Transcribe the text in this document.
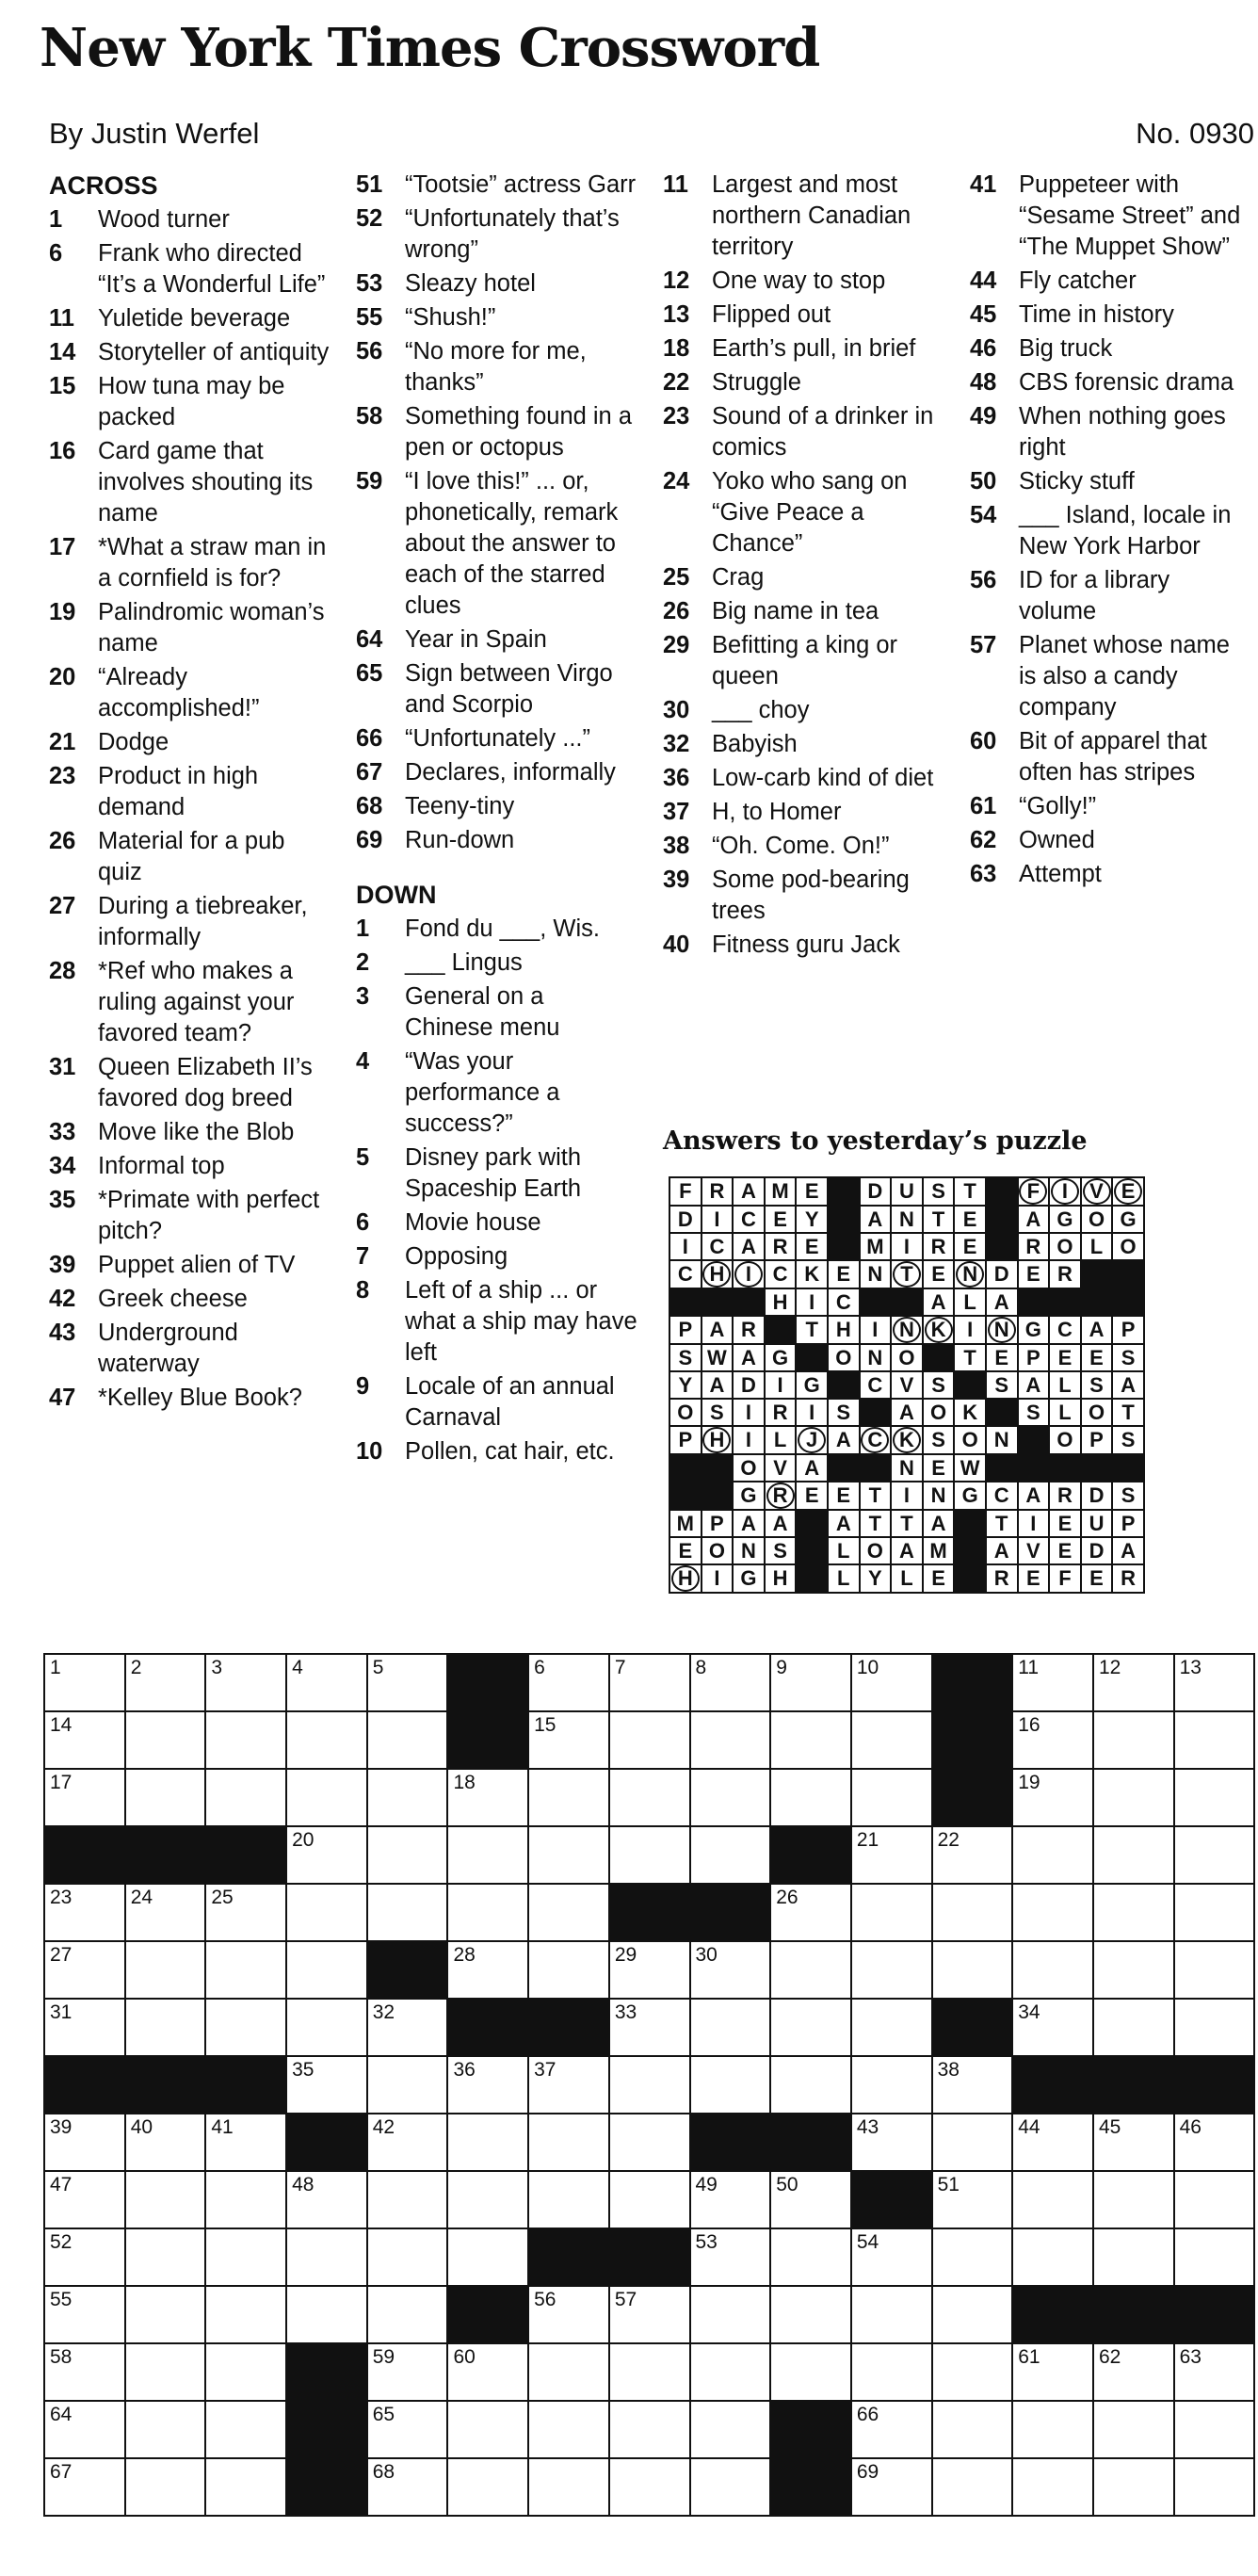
New York Times Crossword
By Justin Werfel	No. 0930
ACROSS
1	Wood turner
6	Frank who directed “It’s a Wonderful Life”
11 Yuletide beverage
14 Storyteller of antiquity
15 How tuna may be packed
16 Card game that involves shouting its name
17 *What a straw man in a cornfield is for?
19 Palindromic woman’s name
20 “Already accomplished!”
21 Dodge
23 Product in high demand
26 Material for a pub quiz
27 During a tiebreaker, informally
28 *Ref who makes a ruling against your favored team?
31 Queen Elizabeth II’s favored dog breed
33 Move like the Blob
34 Informal top
35 *Primate with perfect pitch?
39 Puppet alien of TV
42 Greek cheese
43 Underground waterway
47 *Kelley Blue Book?
51 “Tootsie” actress Garr
52 “Unfortunately that’s wrong”
53 Sleazy hotel
55 “Shush!”
56 “No more for me, thanks”
58 Something found in a pen or octopus
59 “I love this!” ... or, phonetically, remark about the answer to each of the starred clues
64 Year in Spain
65 Sign between Virgo and Scorpio
66 “Unfortunately ...”
67 Declares, informally
68 Teeny-tiny
69 Run-down
DOWN
1	Fond du ___, Wis.
2	___ Lingus
3	General on a Chinese menu
4	“Was your performance a success?”
5	Disney park with Spaceship Earth
6	Movie house
7	Opposing
8	Left of a ship ... or what a ship may have left
9	Locale of an annual Carnaval
10 Pollen, cat hair, etc.
11 Largest and most northern Canadian territory
12 One way to stop
13 Flipped out
18 Earth’s pull, in brief
22 Struggle
23 Sound of a drinker in comics
24 Yoko who sang on “Give Peace a Chance”
25 Crag
26 Big name in tea
29 Befitting a king or queen
30 ___ choy
32 Babyish
36 Low-carb kind of diet
37 H, to Homer
38 “Oh. Come. On!”
39 Some pod-bearing trees
40 Fitness guru Jack
41 Puppeteer with “Sesame Street” and “The Muppet Show”
44 Fly catcher
45 Time in history
46 Big truck
48 CBS forensic drama
49 When nothing goes right
50 Sticky stuff
54 ___ Island, locale in New York Harbor
56 ID for a library volume
57 Planet whose name is also a candy company
60 Bit of apparel that often has stripes
61 “Golly!”
62 Owned
63 Attempt
Answers to yesterday’s puzzle
F	R	A	M	E		D	U	S	T		F	I	V	E
D	I	C	E	Y		A	N	T	E		A	G	O	G
I	C	A	R	E		M	I	R	E		R	O	L	O
C	H	I	C	K	E	N	T	E	N	D	E	R		
			H	I	C			A	L	A				
P	A	R		T	H	I	N	K	I	N	G	C	A	P
S	W	A	G		O	N	O		T	E	P	E	E	S
Y	A	D	I	G		C	V	S		S	A	L	S	A
O	S	I	R	I	S		A	O	K		S	L	O	T
P	H	I	L	J	A	C	K	S	O	N		O	P	S
		O	V	A			N	E	W					
		G	R	E	E	T	I	N	G	C	A	R	D	S
M	P	A	A		A	T	T	A		T	I	E	U	P
E	O	N	S		L	O	A	M		A	V	E	D	A
H	I	G	H		L	Y	L	E		R	E	F	E	R
1	2	3	4	5		6	7	8	9	10		11	12	13

14						15						16		

17					18							19		

			20							21	22			

23	24	25							26					

27					28		29	30						

31				32			33					34		

			35		36	37					38			

39	40	41		42						43		44	45	46

47			48					49	50		51			

52								53		54				

55						56	57							

58				59	60							61	62	63

64				65						66				

67				68						69				
